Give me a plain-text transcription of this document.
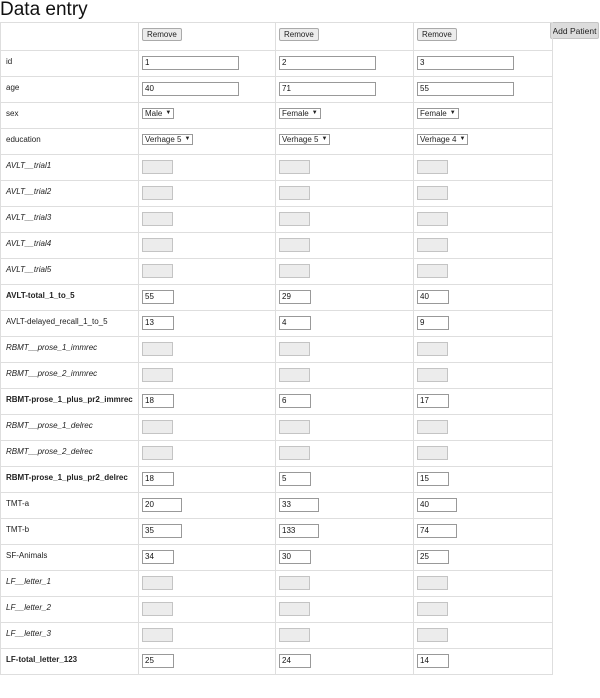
Data entry
Add Patient
	Remove	Remove	Remove
id	1	2	3

age	40	71	55

sex	Male ▼	Female ▼	Female ▼

education	Verhage 5 ▼	Verhage 5 ▼	Verhage 4 ▼

AVLT__trial1	

AVLT__trial2	

AVLT__trial3	

AVLT__trial4	

AVLT__trial5	

AVLT-total_1_to_5	55	29	40

AVLT-delayed_recall_1_to_5	13	4	9

RBMT__prose_1_immrec	

RBMT__prose_2_immrec	

RBMT-prose_1_plus_pr2_immrec	18	6	17

RBMT__prose_1_delrec	

RBMT__prose_2_delrec	

RBMT-prose_1_plus_pr2_delrec	18	5	15

TMT-a	20	33	40

TMT-b	35	133	74

SF-Animals	34	30	25

LF__letter_1	

LF__letter_2	

LF__letter_3	

LF-total_letter_123	25	24	14
